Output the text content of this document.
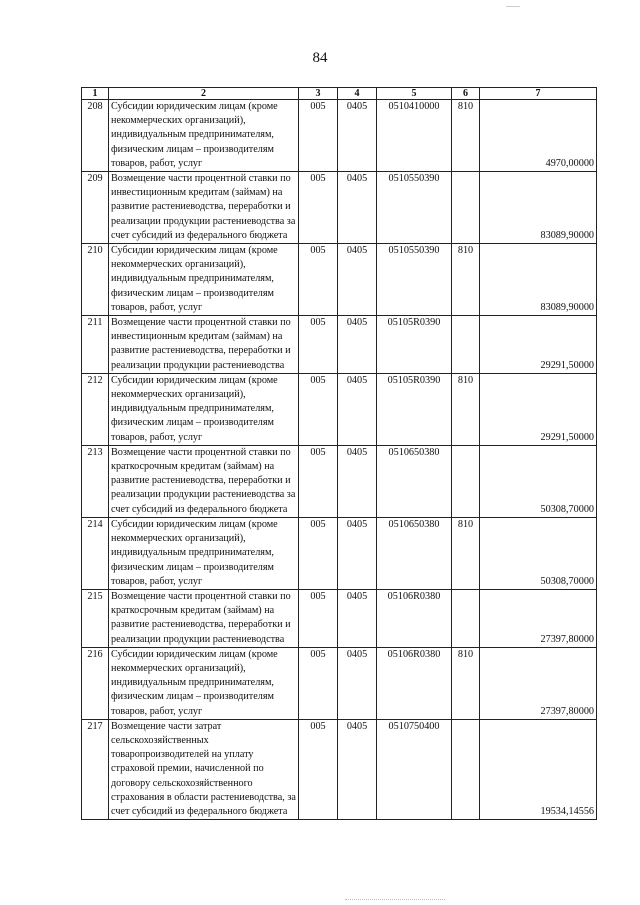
84
1	2	3	4	5	6	7
208	Субсидии юридическим лицам (кроме некоммерческих организаций), индивидуальным предпринимателям, физическим лицам – производителям товаров, работ, услуг	005	0405	0510410000	810	4970,00000
209	Возмещение части процентной ставки по инвестиционным кредитам (займам) на развитие растениеводства, переработки и реализации продукции растениеводства за счет субсидий из федерального бюджета	005	0405	0510550390		83089,90000
210	Субсидии юридическим лицам (кроме некоммерческих организаций), индивидуальным предпринимателям, физическим лицам – производителям товаров, работ, услуг	005	0405	0510550390	810	83089,90000
211	Возмещение части процентной ставки по инвестиционным кредитам (займам) на развитие растениеводства, переработки и реализации продукции растениеводства	005	0405	05105R0390		29291,50000
212	Субсидии юридическим лицам (кроме некоммерческих организаций), индивидуальным предпринимателям, физическим лицам – производителям товаров, работ, услуг	005	0405	05105R0390	810	29291,50000
213	Возмещение части процентной ставки по краткосрочным кредитам (займам) на развитие растениеводства, переработки и реализации продукции растениеводства за счет субсидий из федерального бюджета	005	0405	0510650380		50308,70000
214	Субсидии юридическим лицам (кроме некоммерческих организаций), индивидуальным предпринимателям, физическим лицам – производителям товаров, работ, услуг	005	0405	0510650380	810	50308,70000
215	Возмещение части процентной ставки по краткосрочным кредитам (займам) на развитие растениеводства, переработки и реализации продукции растениеводства	005	0405	05106R0380		27397,80000
216	Субсидии юридическим лицам (кроме некоммерческих организаций), индивидуальным предпринимателям, физическим лицам – производителям товаров, работ, услуг	005	0405	05106R0380	810	27397,80000
217	Возмещение части затрат сельскохозяйственных товаропроизводителей на уплату страховой премии, начисленной по договору сельскохозяйственного страхования в области растениеводства, за счет субсидий из федерального бюджета	005	0405	0510750400		19534,14556
